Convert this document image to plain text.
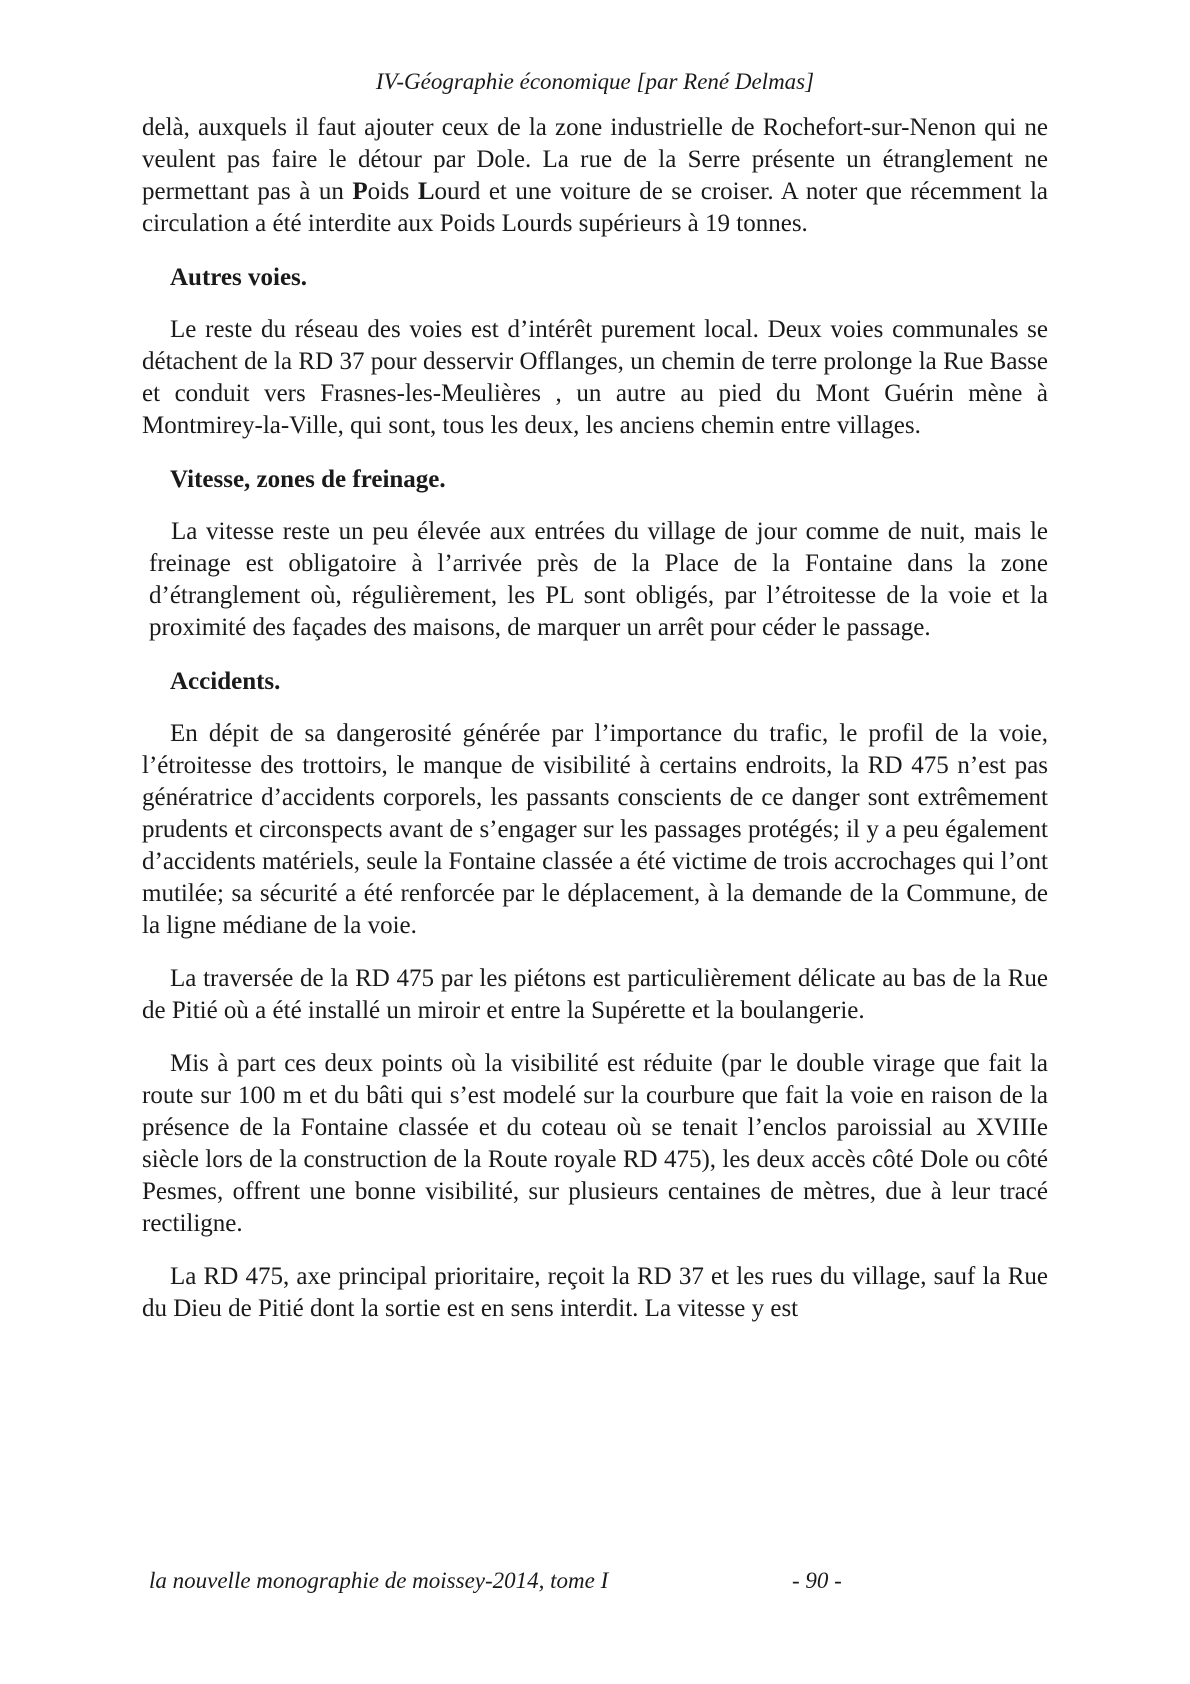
IV-Géographie économique [par René Delmas]

delà, auxquels il faut ajouter ceux de la zone industrielle de Rochefort-sur-Nenon qui ne veulent pas faire le détour par Dole. La rue de la Serre présente un étranglement ne permettant pas à un Poids Lourd et une voiture de se croiser. A noter que récemment la circulation a été interdite aux Poids Lourds supérieurs à 19 tonnes.

Autres voies.

Le reste du réseau des voies est d’intérêt purement local. Deux voies communales se détachent de la RD 37 pour desservir Offlanges, un chemin de terre prolonge la Rue Basse et conduit vers Frasnes-les-Meulières , un autre au pied du Mont Guérin mène à Montmirey-la-Ville, qui sont, tous les deux, les anciens chemin entre villages.

Vitesse, zones de freinage.

La vitesse reste un peu élevée aux entrées du village de jour comme de nuit, mais le freinage est obligatoire à l’arrivée près de la Place de la Fontaine dans la zone d’étranglement où, régulièrement, les PL sont obligés, par l’étroitesse de la voie et la proximité des façades des maisons, de marquer un arrêt pour céder le passage.

Accidents.

En dépit de sa dangerosité générée par l’importance du trafic, le profil de la voie, l’étroitesse des trottoirs, le manque de visibilité à certains endroits, la RD 475 n’est pas génératrice d’accidents corporels, les passants conscients de ce danger sont extrêmement prudents et circonspects avant de s’engager sur les passages protégés; il y a peu également d’accidents matériels, seule la Fontaine classée a été victime de trois accrochages qui l’ont mutilée; sa sécurité a été renforcée par le déplacement, à la demande de la Commune, de la ligne médiane de la voie.

La traversée de la RD 475 par les piétons est particulièrement délicate au bas de la Rue de Pitié où a été installé un miroir et entre la Supérette et la boulangerie.

Mis à part ces deux points où la visibilité est réduite (par le double virage que fait la route sur 100 m et du bâti qui s’est modelé sur la courbure que fait la voie en raison de la présence de la Fontaine classée et du coteau où se tenait l’enclos paroissial au XVIIIe siècle lors de la construction de la Route royale RD 475), les deux accès côté Dole ou côté Pesmes, offrent une bonne visibilité, sur plusieurs centaines de mètres, due à leur tracé rectiligne.

La RD 475, axe principal prioritaire, reçoit la RD 37 et les rues du village, sauf la Rue du Dieu de Pitié dont la sortie est en sens interdit. La vitesse y est

la nouvelle monographie de moissey-2014, tome I	- 90 -
